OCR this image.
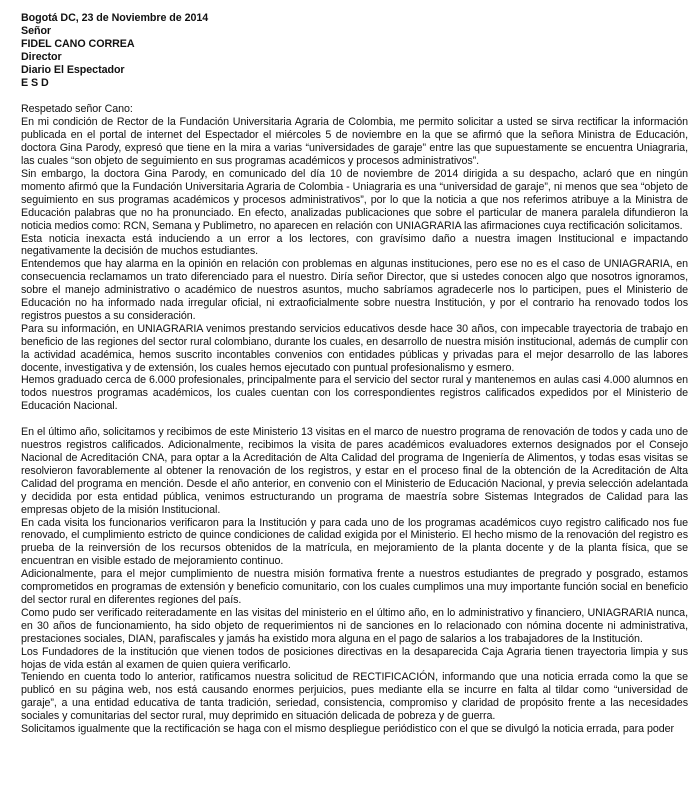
Bogotá DC, 23 de Noviembre de 2014
Señor
FIDEL CANO CORREA
Director
Diario El Espectador
E S D
Respetado señor Cano:

En mi condición de Rector de la Fundación Universitaria Agraria de Colombia, me permito solicitar a usted se sirva rectificar la información publicada en el portal de internet del Espectador el miércoles 5 de noviembre en la que se afirmó que la señora Ministra de Educación, doctora Gina Parody, expresó que tiene en la mira a varias “universidades de garaje” entre las que supuestamente se encuentra Uniagraria, las cuales “son objeto de seguimiento en sus programas académicos y procesos administrativos”.

Sin embargo, la doctora Gina Parody, en comunicado del día 10 de noviembre de 2014 dirigida a su despacho, aclaró que en ningún momento afirmó que la Fundación Universitaria Agraria de Colombia - Uniagraria es una “universidad de garaje”, ni menos que sea “objeto de seguimiento en sus programas académicos y procesos administrativos”, por lo que la noticia a que nos referimos atribuye a la Ministra de Educación palabras que no ha pronunciado. En efecto, analizadas publicaciones que sobre el particular de manera paralela difundieron la noticia medios como: RCN, Semana y Publimetro, no aparecen en relación con UNIAGRARIA las afirmaciones cuya rectificación solicitamos.

Esta noticia inexacta está induciendo a un error a los lectores, con gravísimo daño a nuestra imagen Institucional e impactando negativamente la decisión de muchos estudiantes.

Entendemos que hay alarma en la opinión en relación con problemas en algunas instituciones, pero ese no es el caso de UNIAGRARIA, en consecuencia reclamamos un trato diferenciado para el nuestro. Diría señor Director, que si ustedes conocen algo que nosotros ignoramos, sobre el manejo administrativo o académico de nuestros asuntos, mucho sabríamos agradecerle nos lo participen, pues el Ministerio de Educación no ha informado nada irregular oficial, ni extraoficialmente sobre nuestra Institución, y por el contrario ha renovado todos los registros puestos a su consideración.

Para su información, en UNIAGRARIA venimos prestando servicios educativos desde hace 30 años, con impecable trayectoria de trabajo en beneficio de las regiones del sector rural colombiano, durante los cuales, en desarrollo de nuestra misión institucional, además de cumplir con la actividad académica, hemos suscrito incontables convenios con entidades públicas y privadas para el mejor desarrollo de las labores docente, investigativa y de extensión, los cuales hemos ejecutado con puntual profesionalismo y esmero.

Hemos graduado cerca de 6.000 profesionales, principalmente para el servicio del sector rural y mantenemos en aulas casi 4.000 alumnos en todos nuestros programas académicos, los cuales cuentan con los correspondientes registros calificados expedidos por el Ministerio de Educación Nacional.

En el último año, solicitamos y recibimos de este Ministerio 13 visitas en el marco de nuestro programa de renovación de todos y cada uno de nuestros registros calificados. Adicionalmente, recibimos la visita de pares académicos evaluadores externos designados por el Consejo Nacional de Acreditación CNA, para optar a la Acreditación de Alta Calidad del programa de Ingeniería de Alimentos, y todas esas visitas se resolvieron favorablemente al obtener la renovación de los registros, y estar en el proceso final de la obtención de la Acreditación de Alta Calidad del programa en mención. Desde el año anterior, en convenio con el Ministerio de Educación Nacional, y previa selección adelantada y decidida por esta entidad pública, venimos estructurando un programa de maestría sobre Sistemas Integrados de Calidad para las empresas objeto de la misión Institucional.

En cada visita los funcionarios verificaron para la Institución y para cada uno de los programas académicos cuyo registro calificado nos fue renovado, el cumplimiento estricto de quince condiciones de calidad exigida por el Ministerio. El hecho mismo de la renovación del registro es prueba de la reinversión de los recursos obtenidos de la matrícula, en mejoramiento de la planta docente y de la planta física, que se encuentran en visible estado de mejoramiento continuo.

Adicionalmente, para el mejor cumplimiento de nuestra misión formativa frente a nuestros estudiantes de pregrado y posgrado, estamos comprometidos en programas de extensión y beneficio comunitario, con los cuales cumplimos una muy importante función social en beneficio del sector rural en diferentes regiones del país.

Como pudo ser verificado reiteradamente en las visitas del ministerio en el último año, en lo administrativo y financiero, UNIAGRARIA nunca, en 30 años de funcionamiento, ha sido objeto de requerimientos ni de sanciones en lo relacionado con nómina docente ni administrativa, prestaciones sociales, DIAN, parafiscales y jamás ha existido mora alguna en el pago de salarios a los trabajadores de la Institución.

Los Fundadores de la institución que vienen todos de posiciones directivas en la desaparecida Caja Agraria tienen trayectoria limpia y sus hojas de vida están al examen de quien quiera verificarlo.

Teniendo en cuenta todo lo anterior, ratificamos nuestra solicitud de RECTIFICACIÓN, informando que una noticia errada como la que se publicó en su página web, nos está causando enormes perjuicios, pues mediante ella se incurre en falta al tildar como “universidad de garaje”, a una entidad educativa de tanta tradición, seriedad, consistencia, compromiso y claridad de propósito frente a las necesidades sociales y comunitarias del sector rural, muy deprimido en situación delicada de pobreza y de guerra.

Solicitamos igualmente que la rectificación se haga con el mismo despliegue periódistico con el que se divulgó la noticia errada, para poder
